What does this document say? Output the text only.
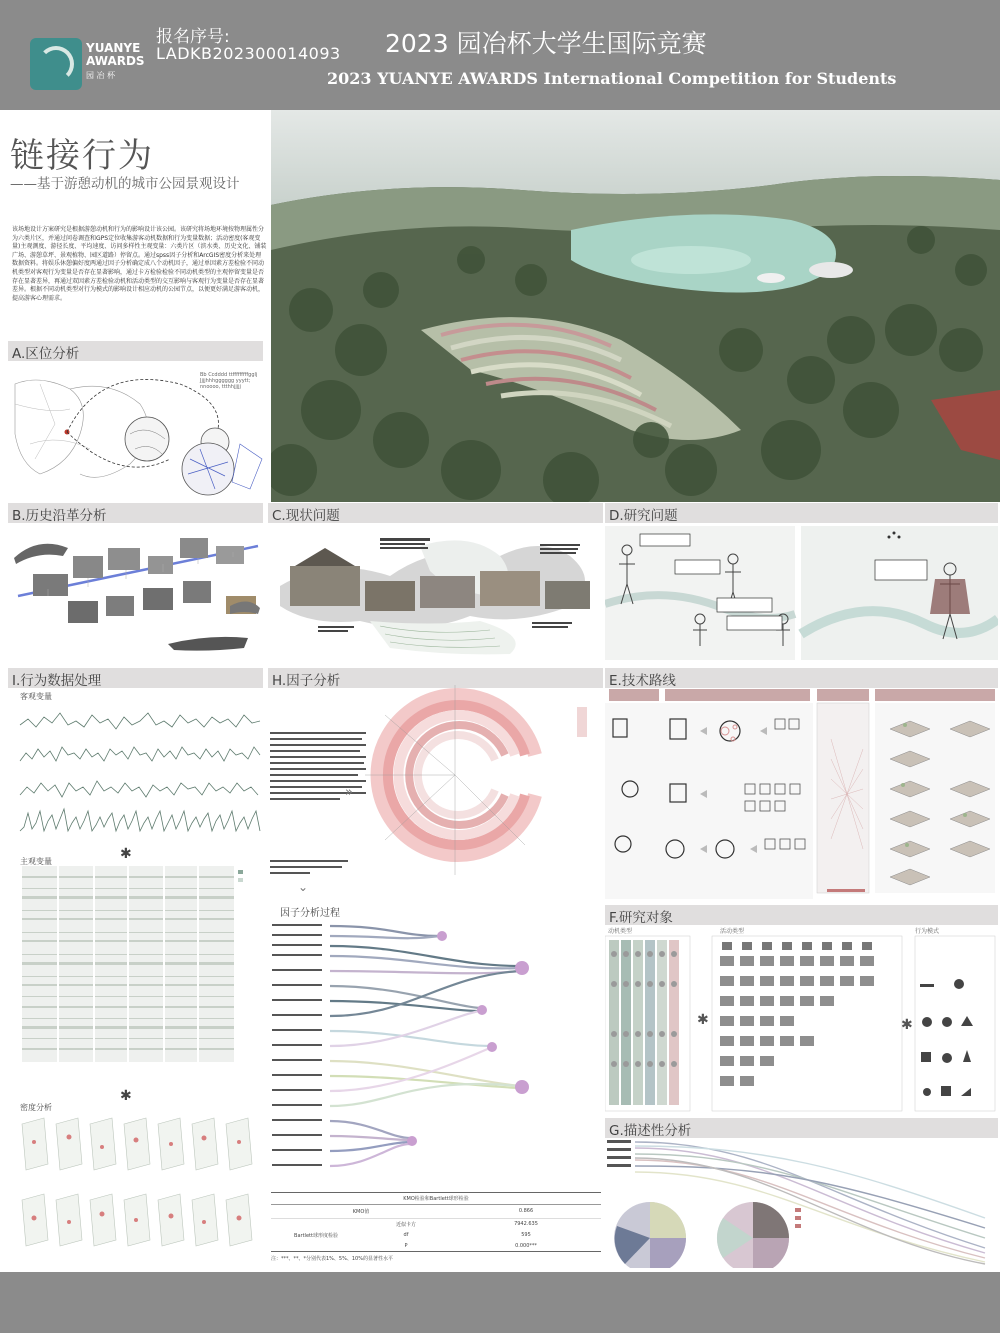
YUANYE
AWARDS
园 冶 杯
报名序号:
LADKB202300014093 2023 园冶杯大学生国际竞赛
2023 YUANYE AWARDS International Competition for Students
链接行为
——基于游憩动机的城市公园景观设计
该场地设计方案研究是根据游憩动机和行为的影响设计该公园。该研究将场地环境按物理属性分为六类片区，并通过问卷调查和GPS定位收集游客动机数据和行为变量数据；活动密度(客观变量)主观测度、游径长度、平均速度、访问多样性主观变量：六类片区（滨水类、历史文化、铺装广场、游憩草坪、景观植物、园区道路）停留点。通过spss因子分析和ArcGIS密度分析来处理数据资料。将娱乐休憩偏好度两通过因子分析确定成八个动机因子，通过单因素方差检验不同动机类型对客观行为变量是否存在显著影响，通过卡方检验检验不同动机类型的主观停留变量是否存在显著差异，再通过双因素方差检验动机和活动类型的交互影响与客观行为变量是否存在显著差异。根据不同动机类型对行为模式的影响设计相应动机的公园节点，以便更好满足游客动机，提高游客心理需求。
A.区位分析
Bb Ccdddd ttfffffffffgglj Jjjjhhhgggggg yyytt; nnoooo, ttthhjjjjj
B.历史沿革分析	C.现状问题	D.研究问题
I.行为数据处理
客观变量
✱
主观变量
✱
密度分析
H.因子分析
»
⌄
因子分析过程
KMO检验和Bartlett球形检验
KMO值	0.866
近似卡方	7942.635
Bartlett球形度检验	df	595
P	0.000***
注：***、**、*分别代表1%、5%、10%的显著性水平
E.技术路线
F.研究对象
动机类型	活动类型	行为模式
✱	✱
G.描述性分析
